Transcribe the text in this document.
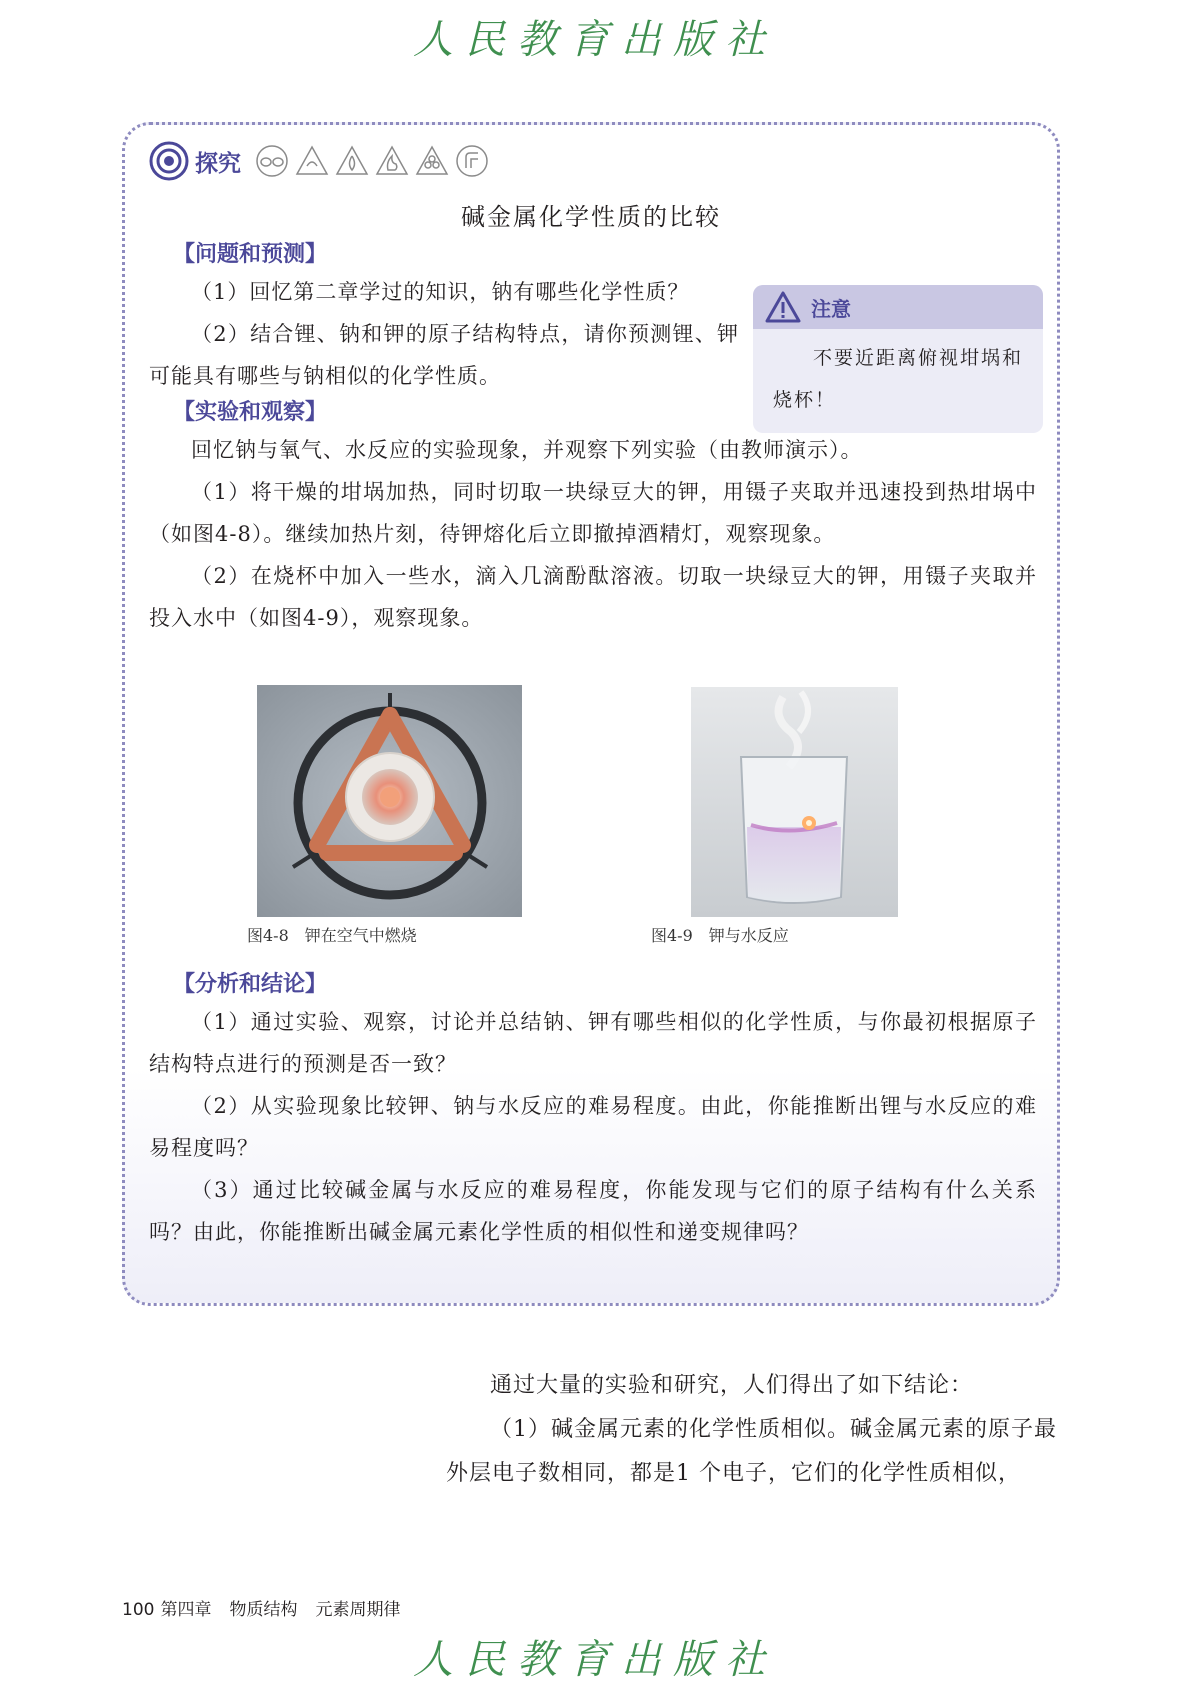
人民教育出版社
探究
碱金属化学性质的比较
【问题和预测】
（1）回忆第二章学过的知识，钠有哪些化学性质？
（2）结合锂、钠和钾的原子结构特点，请你预测锂、钾可能具有哪些与钠相似的化学性质。
注意
不要近距离俯视坩埚和烧杯！
【实验和观察】
回忆钠与氧气、水反应的实验现象，并观察下列实验（由教师演示）。
（1）将干燥的坩埚加热，同时切取一块绿豆大的钾，用镊子夹取并迅速投到热坩埚中（如图4-8）。继续加热片刻，待钾熔化后立即撤掉酒精灯，观察现象。
（2）在烧杯中加入一些水，滴入几滴酚酞溶液。切取一块绿豆大的钾，用镊子夹取并投入水中（如图4-9），观察现象。
图4-8　钾在空气中燃烧	图4-9　钾与水反应
【分析和结论】
（1）通过实验、观察，讨论并总结钠、钾有哪些相似的化学性质，与你最初根据原子结构特点进行的预测是否一致？
（2）从实验现象比较钾、钠与水反应的难易程度。由此，你能推断出锂与水反应的难易程度吗？
（3）通过比较碱金属与水反应的难易程度，你能发现与它们的原子结构有什么关系吗？由此，你能推断出碱金属元素化学性质的相似性和递变规律吗？
通过大量的实验和研究，人们得出了如下结论：
（1）碱金属元素的化学性质相似。碱金属元素的原子最外层电子数相同，都是1 个电子，它们的化学性质相似，
100 第四章 物质结构 元素周期律
人民教育出版社
